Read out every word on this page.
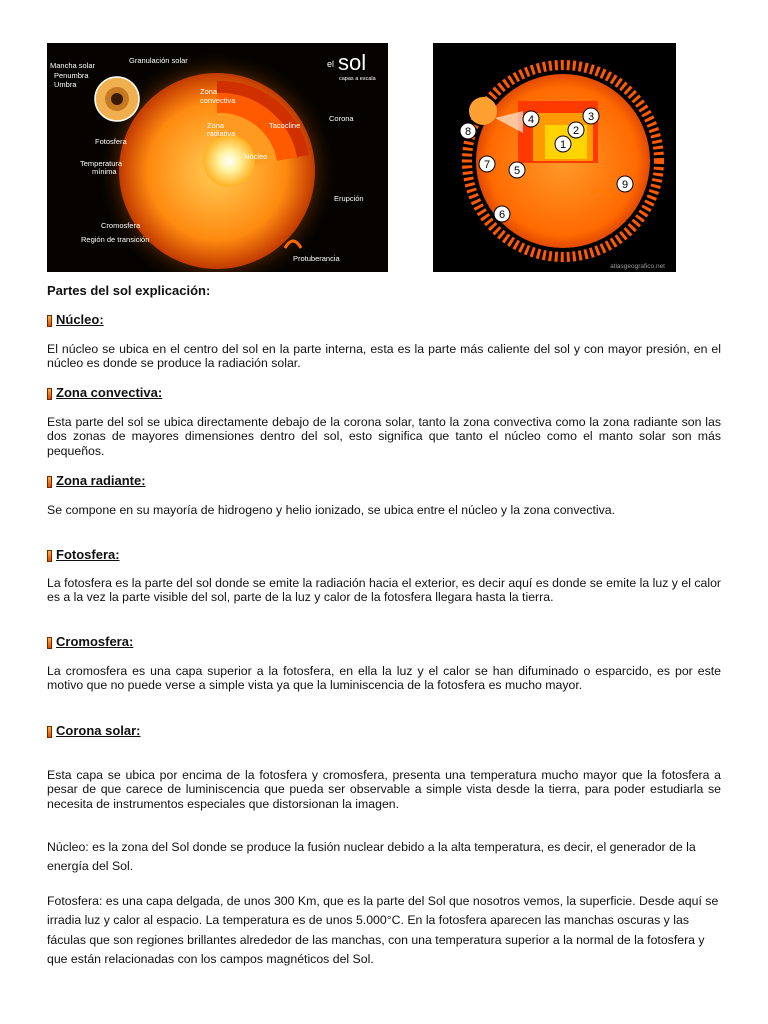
el sol
capas a escala
Mancha solar
Penumbra
Umbra
Granulación solar
Zona
convectiva
Zona
radiativa
Tacocline
Corona
Fotosfera
Núcleo
Temperatura
mínima
Erupción
Cromosfera
Región de transición
Protuberancia
1
2
3
4
5
6
7
8
9
atlasgeografico.net
Partes del sol explicación:
Núcleo:

El núcleo se ubica en el centro del sol en la parte interna, esta es la parte más caliente del sol y con mayor presión, en el núcleo es donde se produce la radiación solar.

Zona convectiva:

Esta parte del sol se ubica directamente debajo de la corona solar, tanto la zona convectiva como la zona radiante son las dos zonas de mayores dimensiones dentro del sol, esto significa que tanto el núcleo como el manto solar son más pequeños.

Zona radiante:

Se compone en su mayoría de hidrogeno y helio ionizado, se ubica entre el núcleo y la zona convectiva.

Fotosfera:

La fotosfera es la parte del sol donde se emite la radiación hacia el exterior, es decir aquí es donde se emite la luz y el calor es a la vez la parte visible del sol, parte de la luz y calor de la fotosfera llegara hasta la tierra.

Cromosfera:

La cromosfera es una capa superior a la fotosfera, en ella la luz y el calor se han difuminado o esparcido, es por este motivo que no puede verse a simple vista ya que la luminiscencia de la fotosfera es mucho mayor.

Corona solar:

Esta capa se ubica por encima de la fotosfera y cromosfera, presenta una temperatura mucho mayor que la fotosfera a pesar de que carece de luminiscencia que pueda ser observable a simple vista desde la tierra, para poder estudiarla se necesita de instrumentos especiales que distorsionan la imagen.

Núcleo: es la zona del Sol donde se produce la fusión nuclear debido a la alta temperatura, es decir, el generador de la energía del Sol.

Fotosfera: es una capa delgada, de unos 300 Km, que es la parte del Sol que nosotros vemos, la superficie. Desde aquí se irradia luz y calor al espacio. La temperatura es de unos 5.000°C. En la fotosfera aparecen las manchas oscuras y las fáculas que son regiones brillantes alrededor de las manchas, con una temperatura superior a la normal de la fotosfera y que están relacionadas con los campos magnéticos del Sol.
